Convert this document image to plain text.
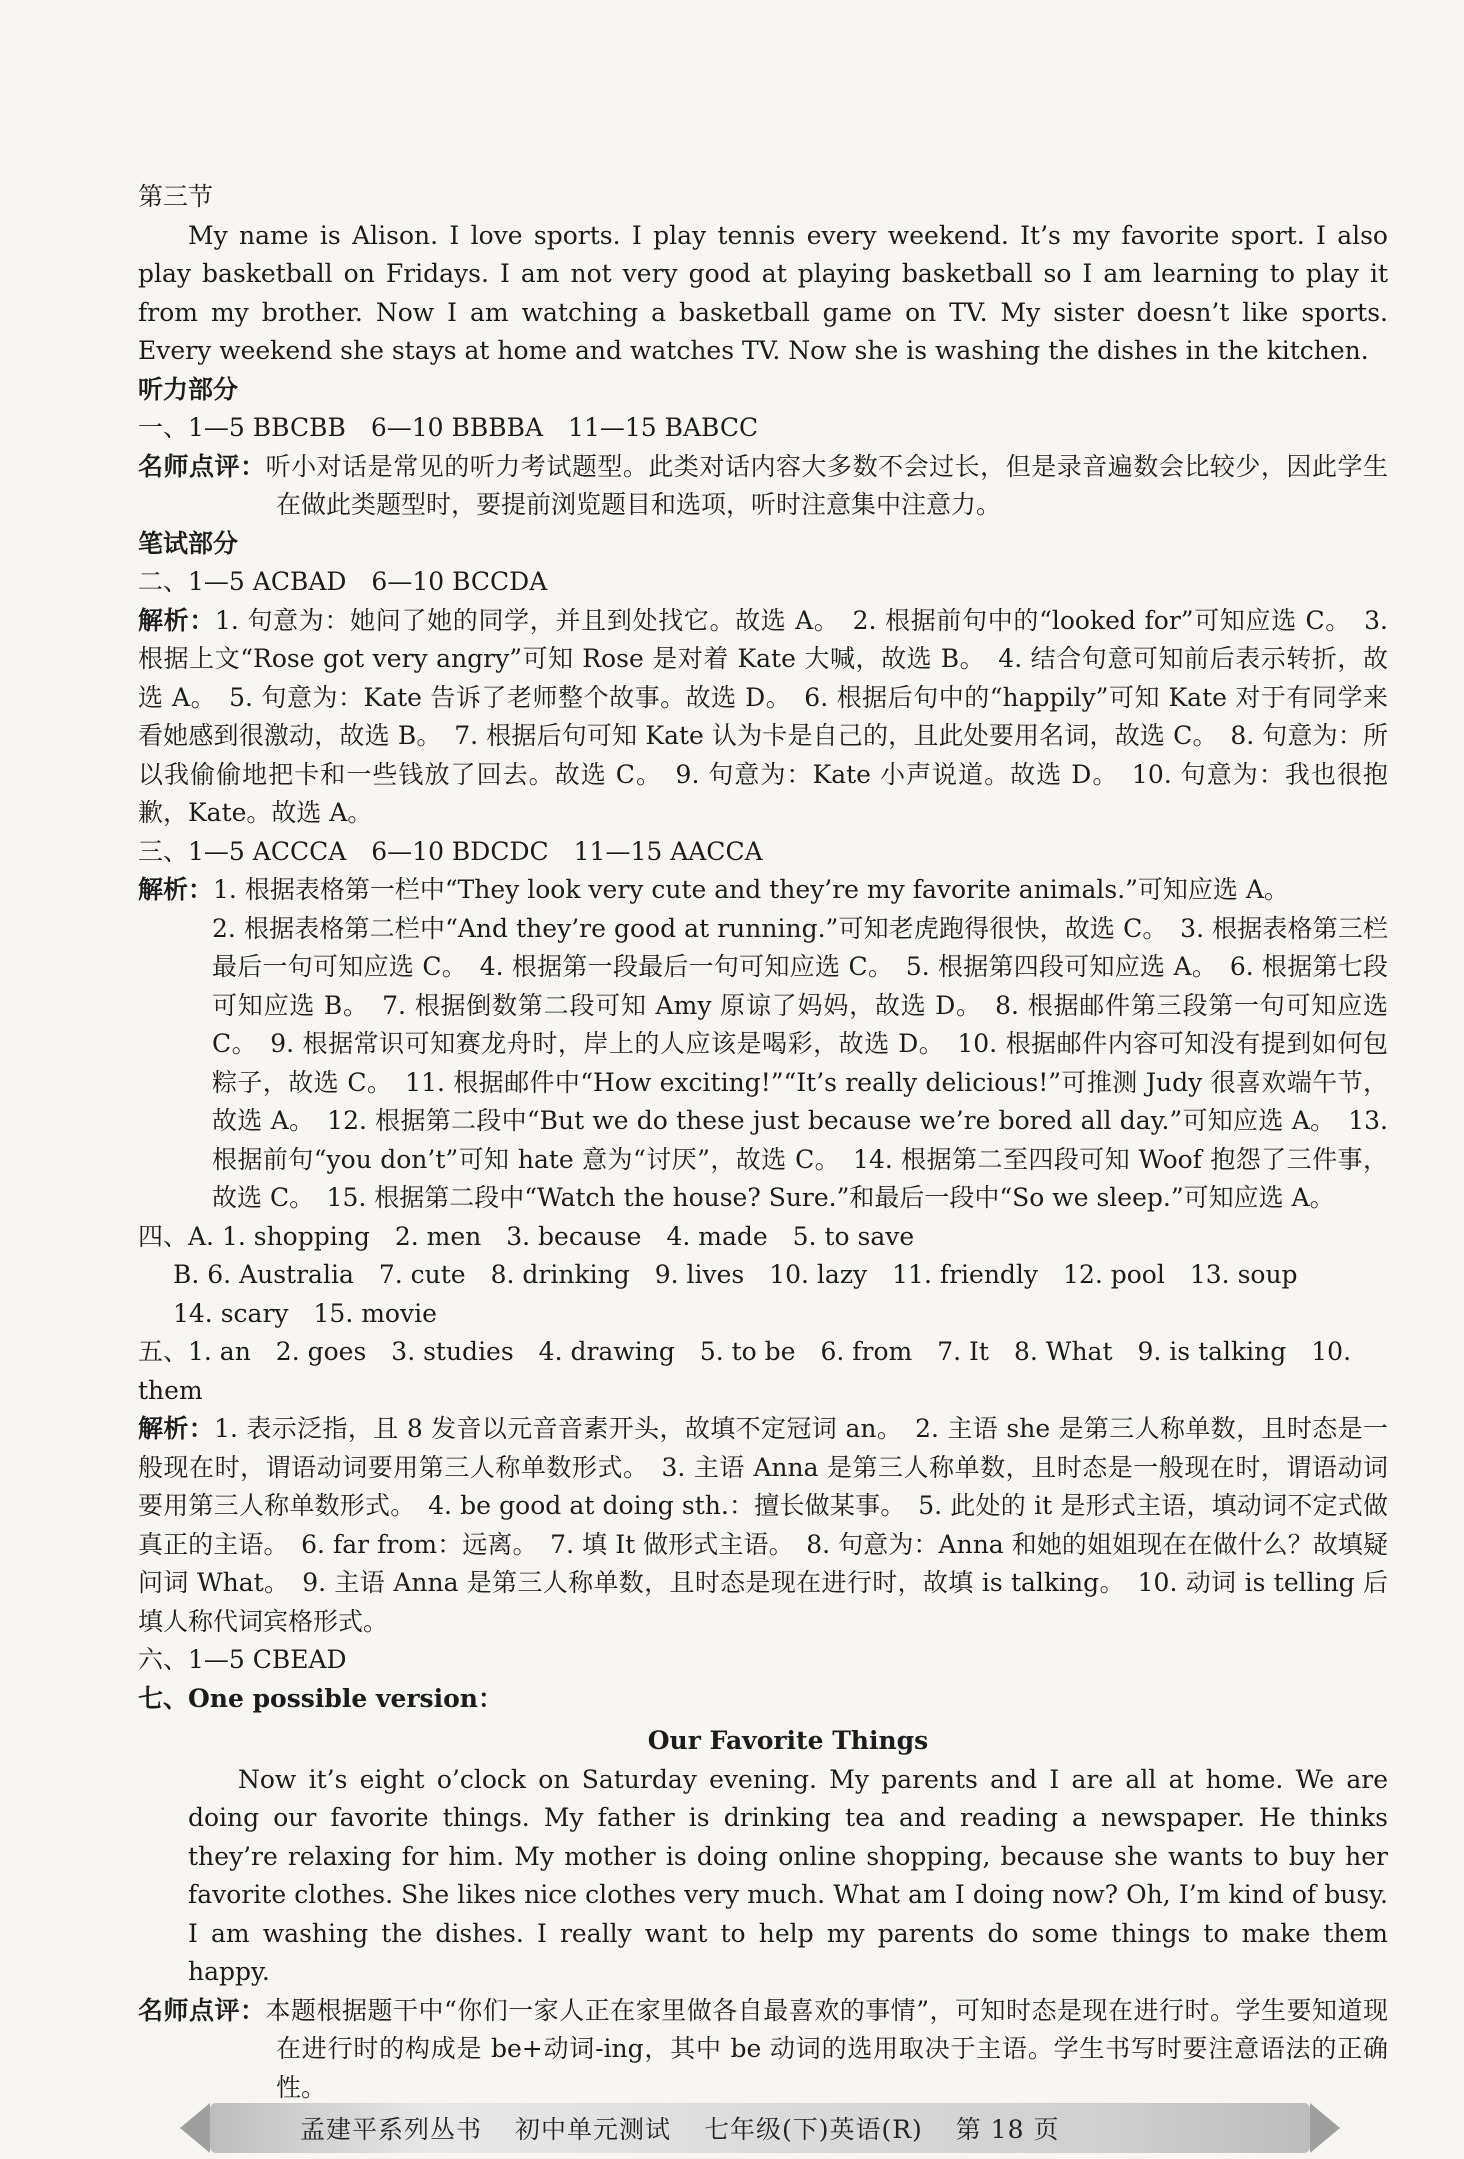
第三节

My name is Alison. I love sports. I play tennis every weekend. It’s my favorite sport. I also play basketball on Fridays. I am not very good at playing basketball so I am learning to play it from my brother. Now I am watching a basketball game on TV. My sister doesn’t like sports. Every weekend she stays at home and watches TV. Now she is washing the dishes in the kitchen.

听力部分
一、1—5 BBCBB　6—10 BBBBA　11—15 BABCC
名师点评：听小对话是常见的听力考试题型。此类对话内容大多数不会过长，但是录音遍数会比较少，因此学生在做此类题型时，要提前浏览题目和选项，听时注意集中注意力。
笔试部分
二、1—5 ACBAD　6—10 BCCDA
解析：1. 句意为：她问了她的同学，并且到处找它。故选 A。　2. 根据前句中的“looked for”可知应选 C。　3. 根据上文“Rose got very angry”可知 Rose 是对着 Kate 大喊，故选 B。　4. 结合句意可知前后表示转折，故选 A。　5. 句意为：Kate 告诉了老师整个故事。故选 D。　6. 根据后句中的“happily”可知 Kate 对于有同学来看她感到很激动，故选 B。　7. 根据后句可知 Kate 认为卡是自己的，且此处要用名词，故选 C。　8. 句意为：所以我偷偷地把卡和一些钱放了回去。故选 C。　9. 句意为：Kate 小声说道。故选 D。　10. 句意为：我也很抱歉，Kate。故选 A。
三、1—5 ACCCA　6—10 BDCDC　11—15 AACCA
解析：1. 根据表格第一栏中“They look very cute and they’re my favorite animals.”可知应选 A。
2. 根据表格第二栏中“And they’re good at running.”可知老虎跑得很快，故选 C。　3. 根据表格第三栏最后一句可知应选 C。　4. 根据第一段最后一句可知应选 C。　5. 根据第四段可知应选 A。　6. 根据第七段可知应选 B。　7. 根据倒数第二段可知 Amy 原谅了妈妈，故选 D。　8. 根据邮件第三段第一句可知应选 C。　9. 根据常识可知赛龙舟时，岸上的人应该是喝彩，故选 D。　10. 根据邮件内容可知没有提到如何包粽子，故选 C。　11. 根据邮件中“How exciting!”“It’s really delicious!”可推测 Judy 很喜欢端午节，故选 A。　12. 根据第二段中“But we do these just because we’re bored all day.”可知应选 A。　13. 根据前句“you don’t”可知 hate 意为“讨厌”，故选 C。　14. 根据第二至四段可知 Woof 抱怨了三件事，故选 C。　15. 根据第二段中“Watch the house? Sure.”和最后一段中“So we sleep.”可知应选 A。
四、A. 1. shopping　2. men　3. because　4. made　5. to save
B. 6. Australia　7. cute　8. drinking　9. lives　10. lazy　11. friendly　12. pool　13. soup
14. scary　15. movie
五、1. an　2. goes　3. studies　4. drawing　5. to be　6. from　7. It　8. What　9. is talking　10. them
解析：1. 表示泛指，且 8 发音以元音音素开头，故填不定冠词 an。　2. 主语 she 是第三人称单数，且时态是一般现在时，谓语动词要用第三人称单数形式。　3. 主语 Anna 是第三人称单数，且时态是一般现在时，谓语动词要用第三人称单数形式。　4. be good at doing sth.：擅长做某事。　5. 此处的 it 是形式主语，填动词不定式做真正的主语。　6. far from：远离。　7. 填 It 做形式主语。　8. 句意为：Anna 和她的姐姐现在在做什么？故填疑问词 What。　9. 主语 Anna 是第三人称单数，且时态是现在进行时，故填 is talking。　10. 动词 is telling 后填人称代词宾格形式。
六、1—5 CBEAD
七、One possible version：
Our Favorite Things

Now it’s eight o’clock on Saturday evening. My parents and I are all at home. We are doing our favorite things. My father is drinking tea and reading a newspaper. He thinks they’re relaxing for him. My mother is doing online shopping, because she wants to buy her favorite clothes. She likes nice clothes very much. What am I doing now? Oh, I’m kind of busy. I am washing the dishes. I really want to help my parents do some things to make them happy.

名师点评：本题根据题干中“你们一家人正在家里做各自最喜欢的事情”，可知时态是现在进行时。学生要知道现在进行时的构成是 be+动词-ing，其中 be 动词的选用取决于主语。学生书写时要注意语法的正确性。
孟建平系列丛书 初中单元测试 七年级(下)英语(R) 第 18 页
